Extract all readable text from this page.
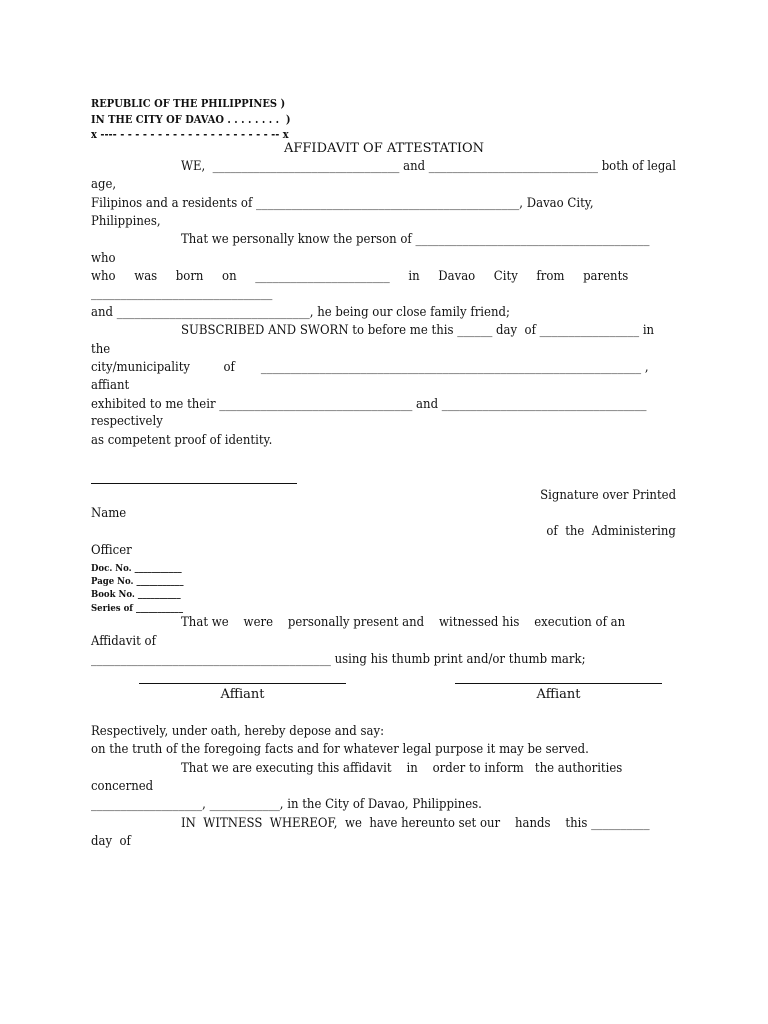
REPUBLIC OF THE PHILIPPINES )
IN THE CITY OF DAVAO . . . . . . . .  )
x ---- - - - - - - - - - - - - - - - - - - - - -- x
AFFIDAVIT OF ATTESTATION
WE,  ________________________________ and _____________________________ both of legal
age,
Filipinos and a residents of _____________________________________________, Davao City,
Philippines,
That we personally know the person of ________________________________________
who
who     was     born     on     _______________________     in     Davao     City     from     parents
_______________________________
and _________________________________, he being our close family friend;
SUBSCRIBED AND SWORN to before me this ______ day  of _________________ in
the
city/municipality         of       _________________________________________________________________ ,
affiant
exhibited to me their _________________________________ and ___________________________________
respectively
as competent proof of identity.
Signature over Printed
Name
of  the  Administering
Officer
Doc. No. ___________
Page No. ___________
Book No. __________
Series of ___________
That we    were    personally present and    witnessed his    execution of an
Affidavit of
_________________________________________ using his thumb print and/or thumb mark;
Affiant	Affiant
Respectively, under oath, hereby depose and say:
on the truth of the foregoing facts and for whatever legal purpose it may be served.
That we are executing this affidavit    in    order to inform   the authorities
concerned
___________________, ____________, in the City of Davao, Philippines.
IN  WITNESS  WHEREOF,  we  have hereunto set our    hands    this __________
day  of
